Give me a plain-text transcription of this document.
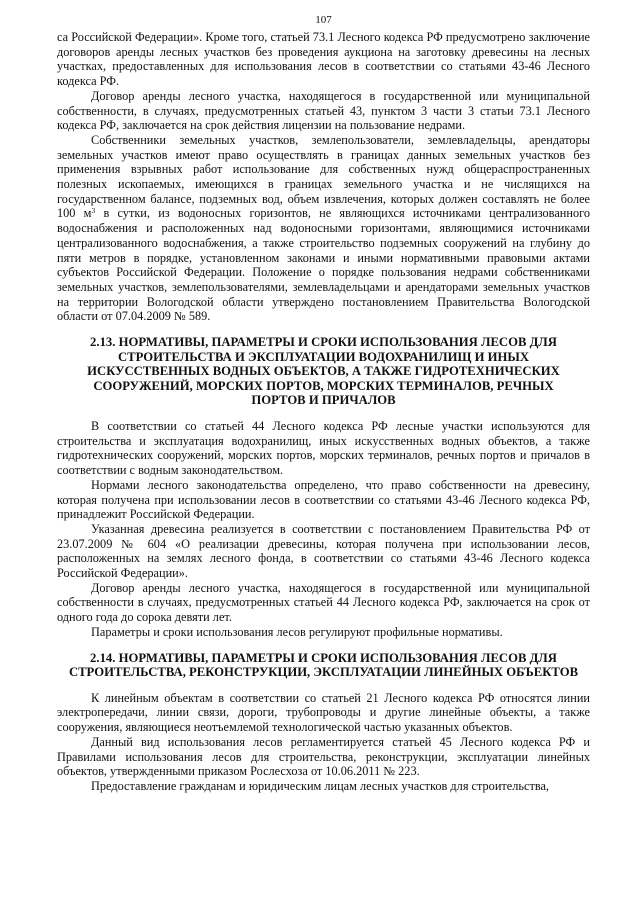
107

са Российской Федерации». Кроме того, статьей 73.1 Лесного кодекса РФ предусмотрено заключение договоров аренды лесных участков без проведения аукциона на заготовку древесины на лесных участках, предоставленных для использования лесов в соответствии со статьями 43-46 Лесного кодекса РФ.

Договор аренды лесного участка, находящегося в государственной или муниципальной собственности, в случаях, предусмотренных статьей 43, пунктом 3 части 3 статьи 73.1 Лесного кодекса РФ, заключается на срок действия лицензии на пользование недрами.

Собственники земельных участков, землепользователи, землевладельцы, арендаторы земельных участков имеют право осуществлять в границах данных земельных участков без применения взрывных работ использование для собственных нужд общераспространенных полезных ископаемых, имеющихся в границах земельного участка и не числящихся на государственном балансе, подземных вод, объем извлечения, которых должен составлять не более 100 $м^3$ в сутки, из водоносных горизонтов, не являющихся источниками централизованного водоснабжения и расположенных над водоносными горизонтами, являющимися источниками централизованного водоснабжения, а также строительство подземных сооружений на глубину до пяти метров в порядке, установленном законами и иными нормативными правовыми актами субъектов Российской Федерации. Положение о порядке пользования недрами собственниками земельных участков, землепользователями, землевладельцами и арендаторами земельных участков на территории Вологодской области утверждено постановлением Правительства Вологодской области от 07.04.2009 № 589.

2.13. НОРМАТИВЫ, ПАРАМЕТРЫ И СРОКИ ИСПОЛЬЗОВАНИЯ ЛЕСОВ ДЛЯ СТРОИТЕЛЬСТВА И ЭКСПЛУАТАЦИИ ВОДОХРАНИЛИЩ И ИНЫХ ИСКУССТВЕННЫХ ВОДНЫХ ОБЪЕКТОВ, А ТАКЖЕ ГИДРОТЕХНИЧЕСКИХ СООРУЖЕНИЙ, МОРСКИХ ПОРТОВ, МОРСКИХ ТЕРМИНАЛОВ, РЕЧНЫХ ПОРТОВ И ПРИЧАЛОВ

В соответствии со статьей 44 Лесного кодекса РФ лесные участки используются для строительства и эксплуатация водохранилищ, иных искусственных водных объектов, а также гидротехнических сооружений, морских портов, морских терминалов, речных портов и причалов в соответствии с водным законодательством.

Нормами лесного законодательства определено, что право собственности на древесину, которая получена при использовании лесов в соответствии со статьями 43-46 Лесного кодекса РФ, принадлежит Российской Федерации.

Указанная древесина реализуется в соответствии с постановлением Правительства РФ от 23.07.2009 № 604 «О реализации древесины, которая получена при использовании лесов, расположенных на землях лесного фонда, в соответствии со статьями 43-46 Лесного кодекса Российской Федерации».

Договор аренды лесного участка, находящегося в государственной или муниципальной собственности в случаях, предусмотренных статьей 44 Лесного кодекса РФ, заключается на срок от одного года до сорока девяти лет.

Параметры и сроки использования лесов регулируют профильные нормативы.

2.14. НОРМАТИВЫ, ПАРАМЕТРЫ И СРОКИ ИСПОЛЬЗОВАНИЯ ЛЕСОВ ДЛЯ СТРОИТЕЛЬСТВА, РЕКОНСТРУКЦИИ, ЭКСПЛУАТАЦИИ ЛИНЕЙНЫХ ОБЪЕКТОВ

К линейным объектам в соответствии со статьей 21 Лесного кодекса РФ относятся линии электропередачи, линии связи, дороги, трубопроводы и другие линейные объекты, а также сооружения, являющиеся неотъемлемой технологической частью указанных объектов.

Данный вид использования лесов регламентируется статьей 45 Лесного кодекса РФ и Правилами использования лесов для строительства, реконструкции, эксплуатации линейных объектов, утвержденными приказом Рослесхоза от 10.06.2011 № 223.

Предоставление гражданам и юридическим лицам лесных участков для строительства,
